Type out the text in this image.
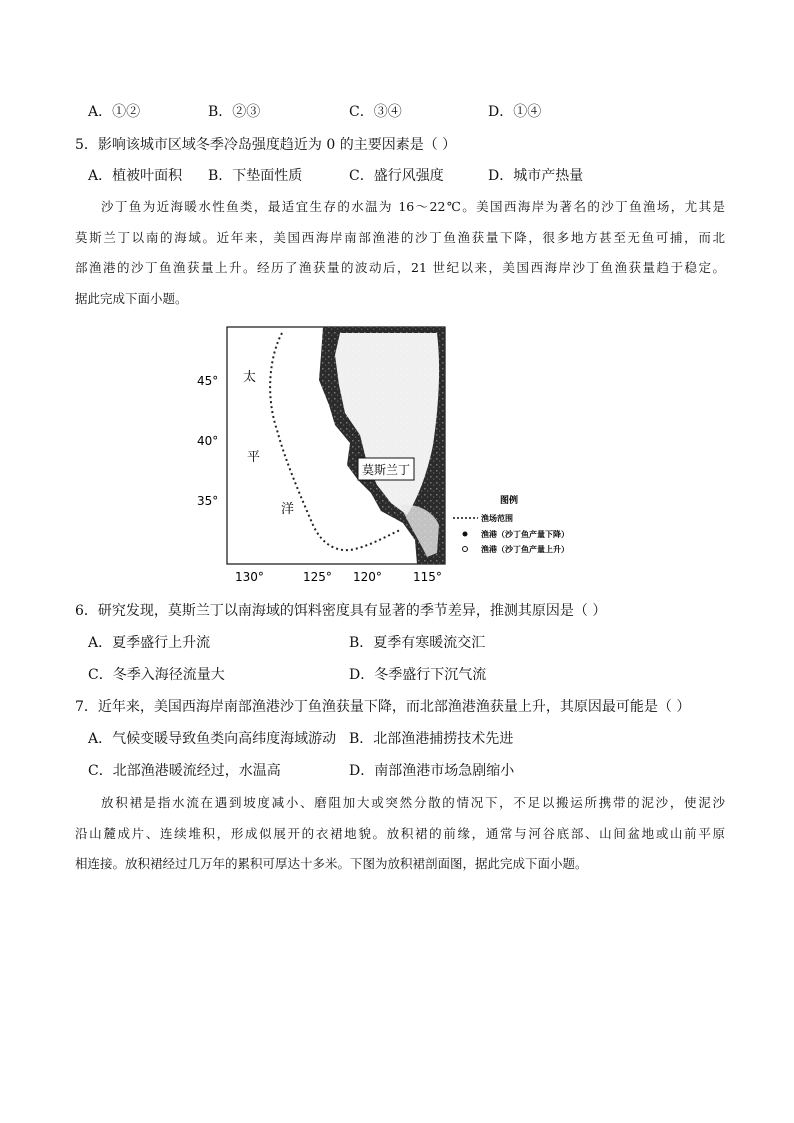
A．①②	B．②③	C．③④	D．①④
5．影响该城市区域冬季冷岛强度趋近为 0 的主要因素是（ ）
A．植被叶面积 B．下垫面性质	C．盛行风强度	D．城市产热量
沙丁鱼为近海暖水性鱼类，最适宜生存的水温为 16～22℃。美国西海岸为著名的沙丁鱼渔场，尤其是
莫斯兰丁以南的海域。近年来，美国西海岸南部渔港的沙丁鱼渔获量下降，很多地方甚至无鱼可捕，而北
部渔港的沙丁鱼渔获量上升。经历了渔获量的波动后，21 世纪以来，美国西海岸沙丁鱼渔获量趋于稳定。
据此完成下面小题。
莫斯兰丁
太
平
洋
45°
40°
35°
130°	125° 120°	115°
图例
渔场范围
渔港（沙丁鱼产量下降）
渔港（沙丁鱼产量上升）
6．研究发现，莫斯兰丁以南海域的饵料密度具有显著的季节差异，推测其原因是（ ）
A．夏季盛行上升流	B．夏季有寒暖流交汇
C．冬季入海径流量大	D．冬季盛行下沉气流
7．近年来，美国西海岸南部渔港沙丁鱼渔获量下降，而北部渔港渔获量上升，其原因最可能是（ ）
A．气候变暖导致鱼类向高纬度海域游动 B．北部渔港捕捞技术先进
C．北部渔港暖流经过，水温高	D．南部渔港市场急剧缩小
放积裙是指水流在遇到坡度减小、磨阻加大或突然分散的情况下，不足以搬运所携带的泥沙，使泥沙
沿山麓成片、连续堆积，形成似展开的衣裙地貌。放积裙的前缘，通常与河谷底部、山间盆地或山前平原
相连接。放积裙经过几万年的累积可厚达十多米。下图为放积裙剖面图，据此完成下面小题。
